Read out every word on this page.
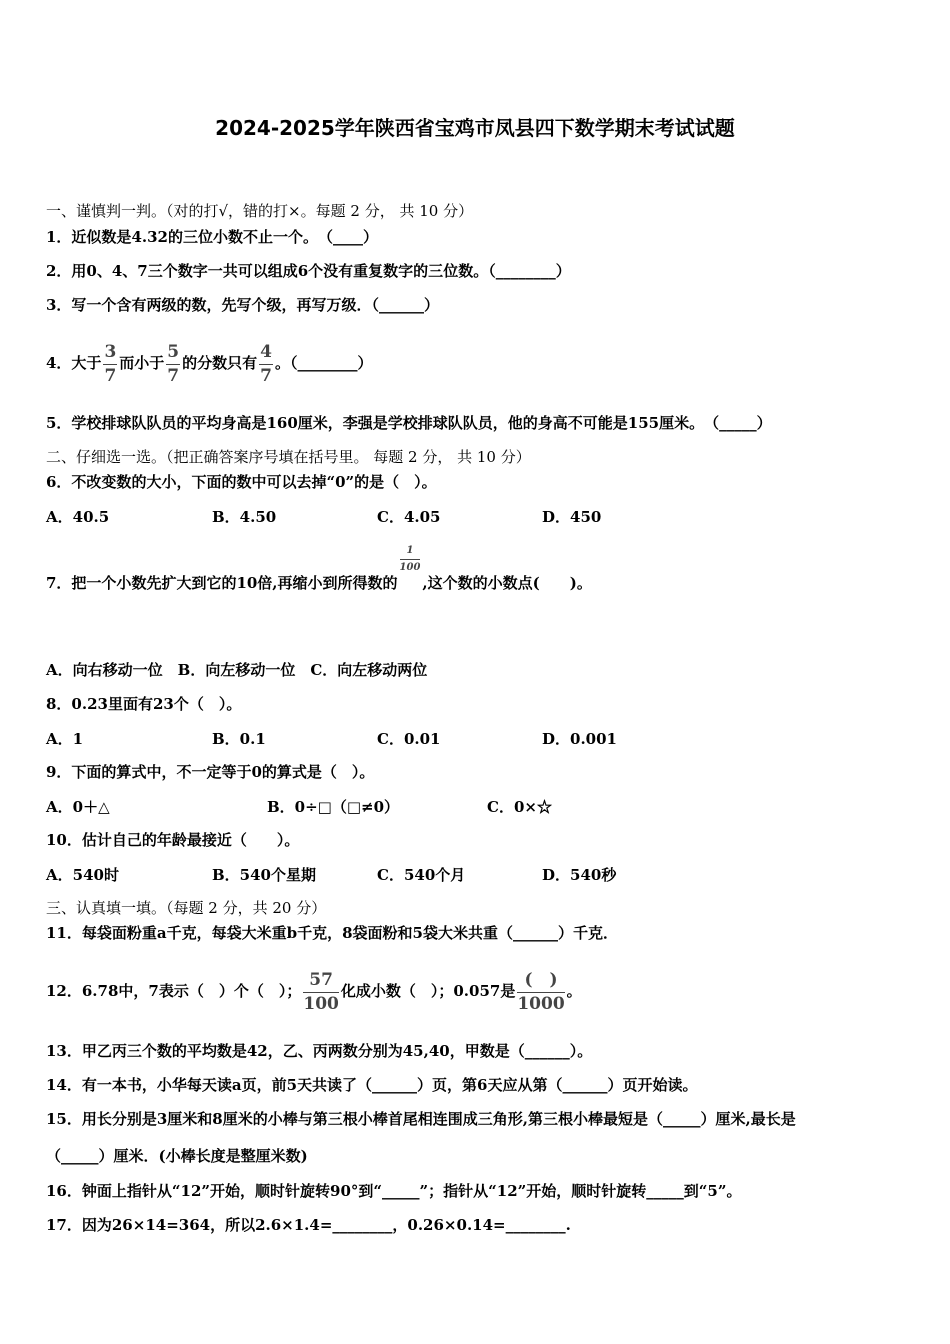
2024-2025学年陕西省宝鸡市凤县四下数学期末考试试题
一、谨慎判一判。（对的打√，错的打×。每题 2 分， 共 10 分）
1．近似数是4.32的三位小数不止一个。　（____）
2．用0、4、7三个数字一共可以组成6个没有重复数字的三位数。（________）
3．写一个含有两级的数，先写个级，再写万级．（______）
4．大于 $\frac{3}{7}$ 而小于 $\frac{5}{7}$ 的分数只有 $\frac{4}{7}$ 。（________）
5．学校排球队队员的平均身高是160厘米，李强是学校排球队队员，他的身高不可能是155厘米。　（_____）
二、仔细选一选。（把正确答案序号填在括号里。 每题 2 分， 共 10 分）
6．不改变数的大小，下面的数中可以去掉“0”的是（　）。
A．40.5	B．4.50	C．4.05	D．450
7．把一个小数先扩大到它的10倍,再缩小到所得数的
$\frac{1}{100}$
,这个数的小数点(　　)。
A．向右移动一位　B．向左移动一位　C．向左移动两位
8．0.23里面有23个（　）。
A．1	B．0.1	C．0.01	D．0.001
9．下面的算式中，不一定等于0的算式是（　）。
A．0＋△	B．0÷□（□≠0）	C．0×☆
10．估计自己的年龄最接近（　　）。
A．540时	B．540个星期	C．540个月	D．540秒
三、认真填一填。（每题 2 分，共 20 分）
11．每袋面粉重a千克，每袋大米重b千克，8袋面粉和5袋大米共重（______）千克．
12．6.78中，7表示（　）个（　）； $\frac{57}{100}$ 化成小数（　）；0.057是 $\frac{( )}{1000}$ 。
13．甲乙丙三个数的平均数是42，乙、丙两数分别为45,40，甲数是（______）。
14．有一本书，小华每天读a页，前5天共读了（______）页，第6天应从第（______）页开始读。
15．用长分别是3厘米和8厘米的小棒与第三根小棒首尾相连围成三角形,第三根小棒最短是（_____）厘米,最长是
（_____）厘米．(小棒长度是整厘米数)
16．钟面上指针从“12”开始，顺时针旋转90°到“_____”；指针从“12”开始，顺时针旋转_____到“5”。
17．因为26×14=364，所以2.6×1.4=________，0.26×0.14=________.
